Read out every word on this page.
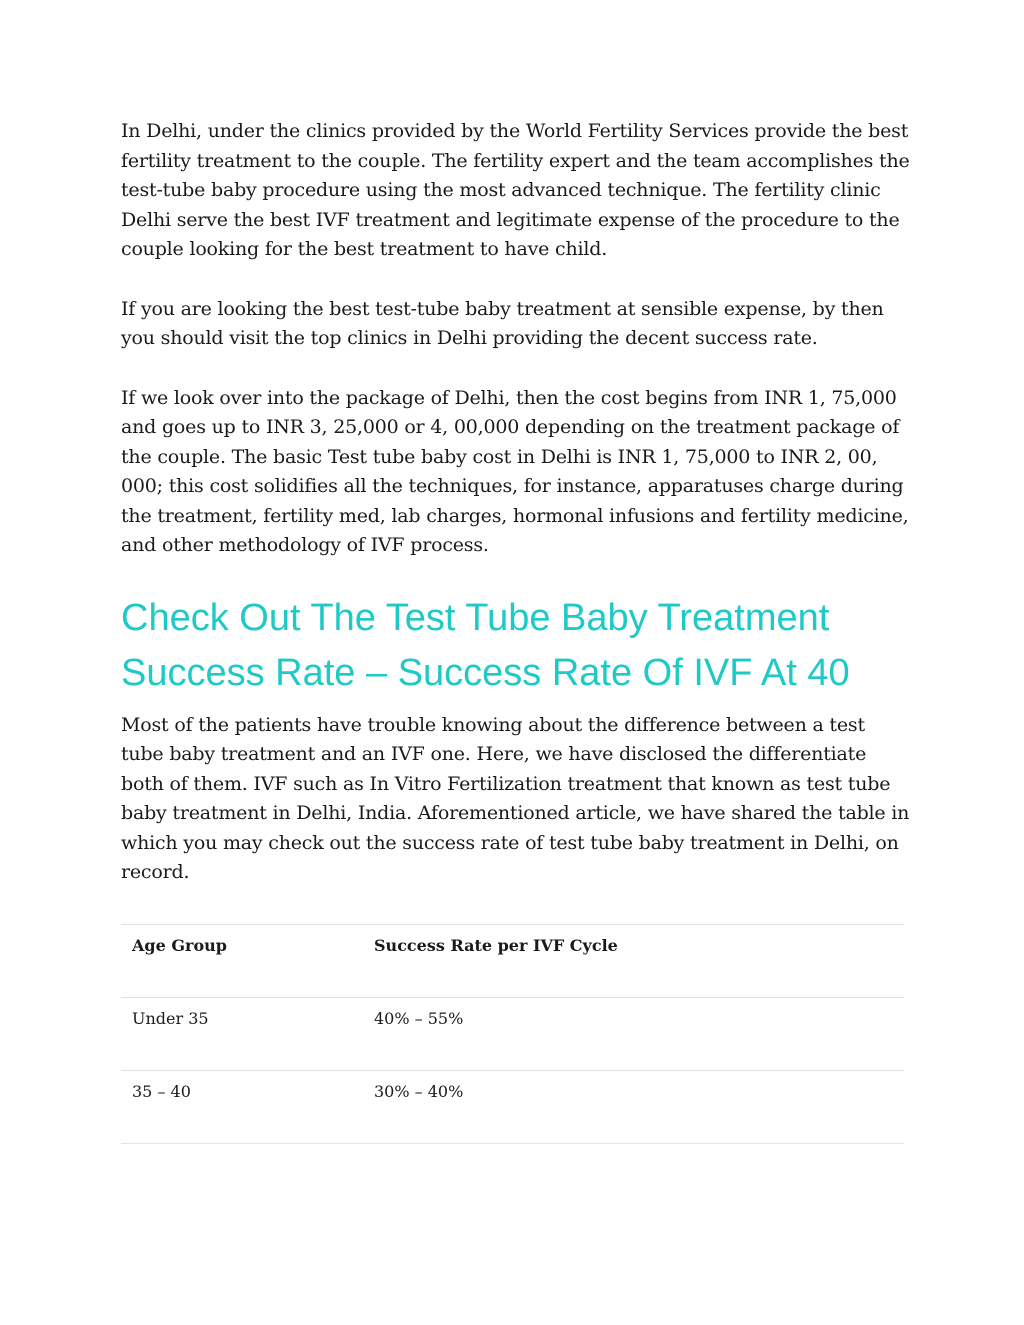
In Delhi, under the clinics provided by the World Fertility Services provide the best fertility treatment to the couple. The fertility expert and the team accomplishes the test-tube baby procedure using the most advanced technique. The fertility clinic Delhi serve the best IVF treatment and legitimate expense of the procedure to the couple looking for the best treatment to have child.

If you are looking the best test-tube baby treatment at sensible expense, by then you should visit the top clinics in Delhi providing the decent success rate.

If we look over into the package of Delhi, then the cost begins from INR 1, 75,000 and goes up to INR 3, 25,000 or 4, 00,000 depending on the treatment package of the couple. The basic Test tube baby cost in Delhi is INR 1, 75,000 to INR 2, 00, 000; this cost solidifies all the techniques, for instance, apparatuses charge during the treatment, fertility med, lab charges, hormonal infusions and fertility medicine, and other methodology of IVF process.

Check Out The Test Tube Baby Treatment Success Rate – Success Rate Of IVF At 40

Most of the patients have trouble knowing about the difference between a test tube baby treatment and an IVF one. Here, we have disclosed the differentiate both of them. IVF such as In Vitro Fertilization treatment that known as test tube baby treatment in Delhi, India. Aforementioned article, we have shared the table in which you may check out the success rate of test tube baby treatment in Delhi, on record.

Age Group	Success Rate per IVF Cycle
Under 35	40% – 55%
35 – 40	30% – 40%
